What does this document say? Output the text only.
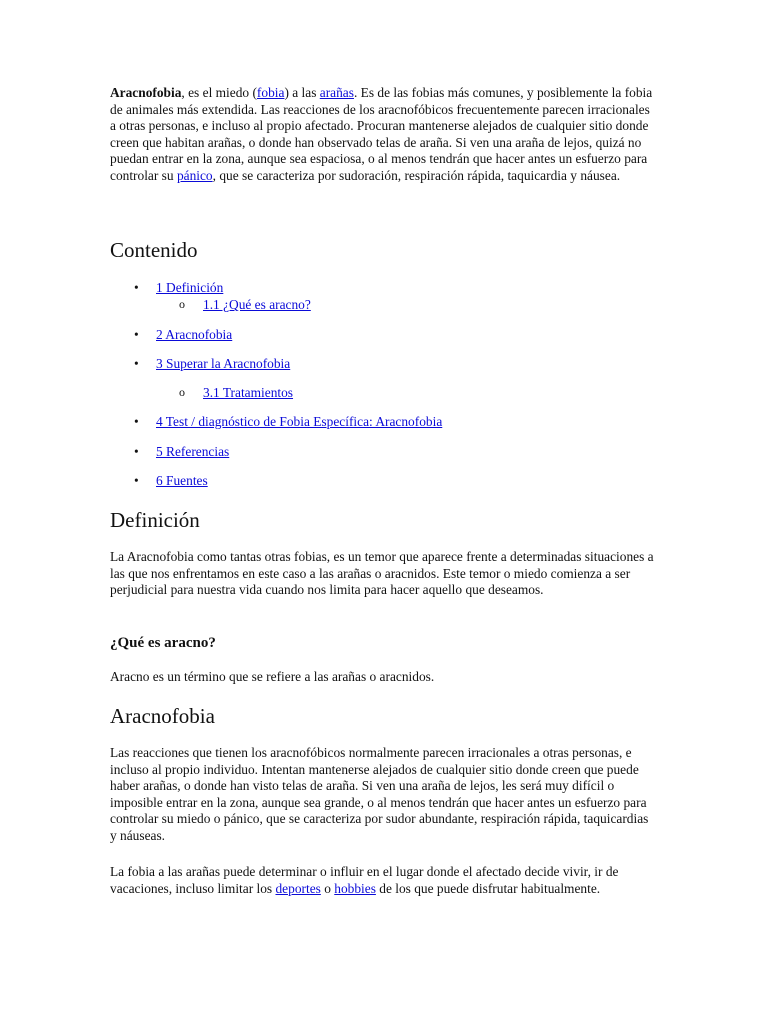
Aracnofobia, es el miedo (fobia) a las arañas. Es de las fobias más comunes, y posiblemente la fobia de animales más extendida. Las reacciones de los aracnofóbicos frecuentemente parecen irracionales a otras personas, e incluso al propio afectado. Procuran mantenerse alejados de cualquier sitio donde creen que habitan arañas, o donde han observado telas de araña. Si ven una araña de lejos, quizá no puedan entrar en la zona, aunque sea espaciosa, o al menos tendrán que hacer antes un esfuerzo para controlar su pánico, que se caracteriza por sudoración, respiración rápida, taquicardia y náusea.

Contenido
• 1 Definición
o 1.1 ¿Qué es aracno?
• 2 Aracnofobia
• 3 Superar la Aracnofobia
o 3.1 Tratamientos
• 4 Test / diagnóstico de Fobia Específica: Aracnofobia
• 5 Referencias
• 6 Fuentes
Definición

La Aracnofobia como tantas otras fobias, es un temor que aparece frente a determinadas situaciones a las que nos enfrentamos en este caso a las arañas o aracnidos. Este temor o miedo comienza a ser perjudicial para nuestra vida cuando nos limita para hacer aquello que deseamos.

¿Qué es aracno?

Aracno es un término que se refiere a las arañas o aracnidos.

Aracnofobia

Las reacciones que tienen los aracnofóbicos normalmente parecen irracionales a otras personas, e incluso al propio individuo. Intentan mantenerse alejados de cualquier sitio donde creen que puede haber arañas, o donde han visto telas de araña. Si ven una araña de lejos, les será muy difícil o imposible entrar en la zona, aunque sea grande, o al menos tendrán que hacer antes un esfuerzo para controlar su miedo o pánico, que se caracteriza por sudor abundante, respiración rápida, taquicardias y náuseas.

La fobia a las arañas puede determinar o influir en el lugar donde el afectado decide vivir, ir de vacaciones, incluso limitar los deportes o hobbies de los que puede disfrutar habitualmente.
